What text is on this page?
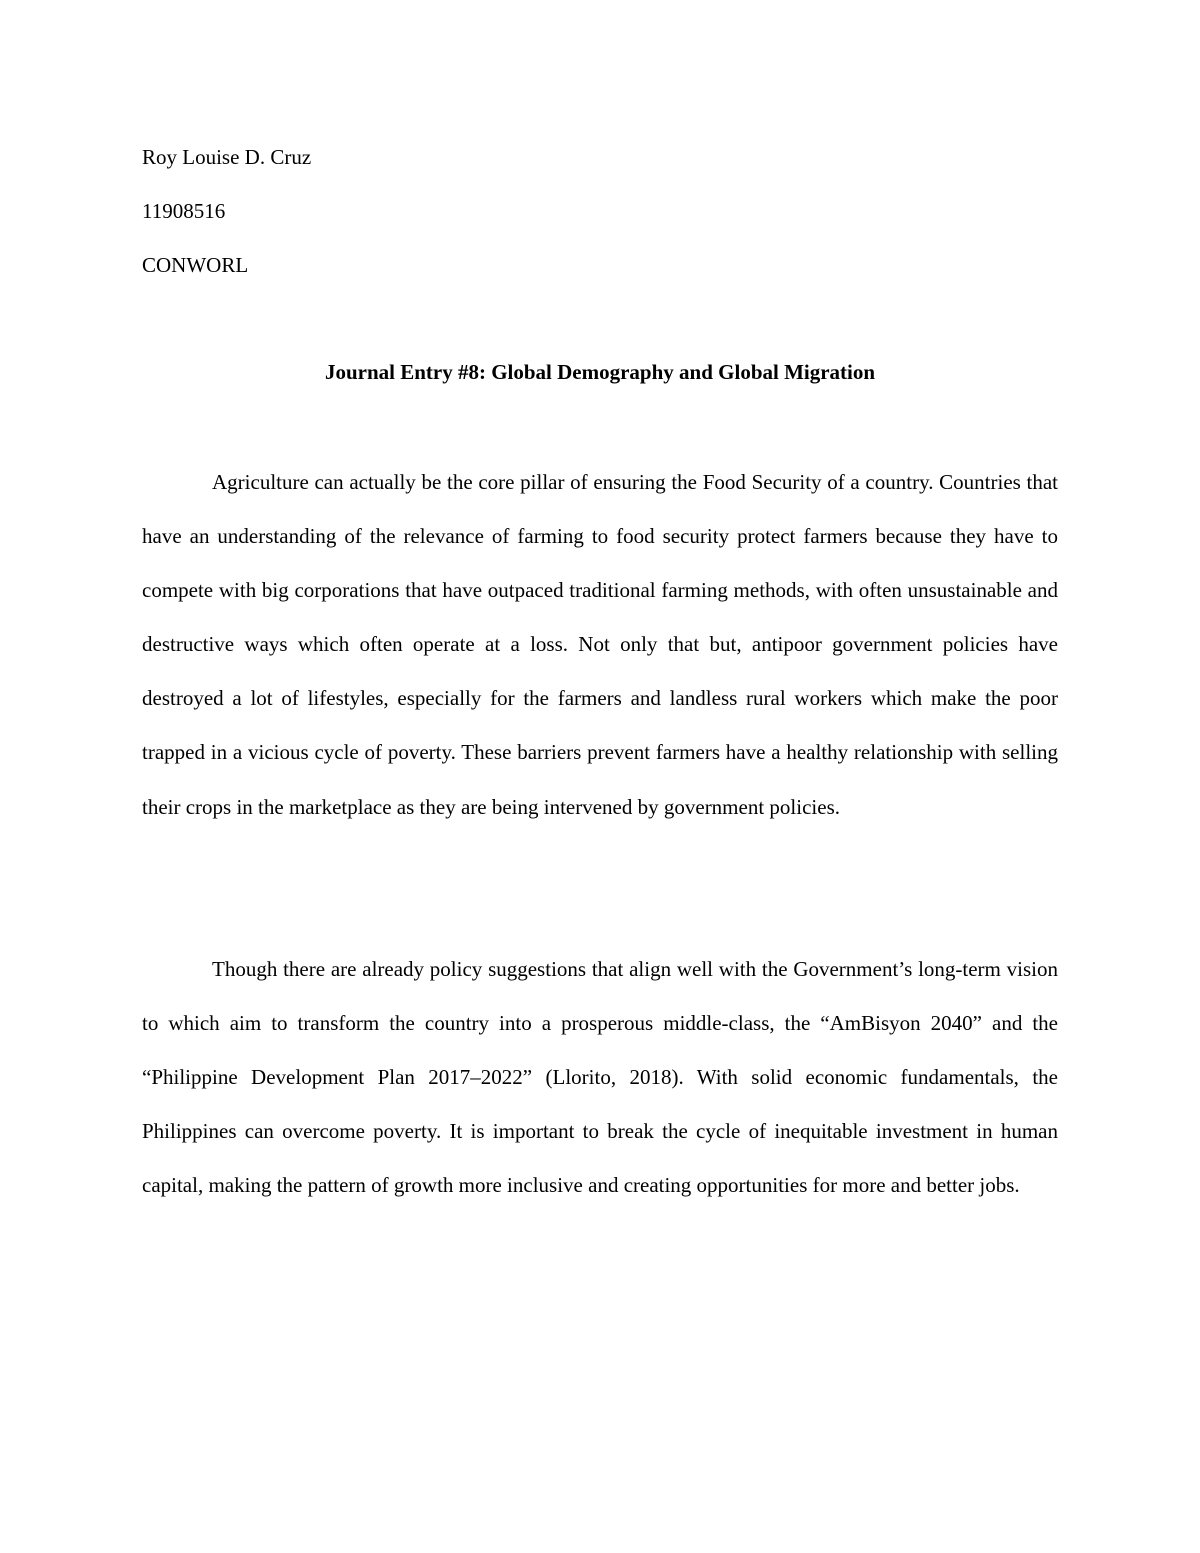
Roy Louise D. Cruz
11908516
CONWORL
Journal Entry #8: Global Demography and Global Migration

Agriculture can actually be the core pillar of ensuring the Food Security of a country. Countries that have an understanding of the relevance of farming to food security protect farmers because they have to compete with big corporations that have outpaced traditional farming methods, with often unsustainable and destructive ways which often operate at a loss. Not only that but, antipoor government policies have destroyed a lot of lifestyles, especially for the farmers and landless rural workers which make the poor trapped in a vicious cycle of poverty. These barriers prevent farmers have a healthy relationship with selling their crops in the marketplace as they are being intervened by government policies.

Though there are already policy suggestions that align well with the Government’s long-term vision to which aim to transform the country into a prosperous middle-class, the “AmBisyon 2040” and the “Philippine Development Plan 2017–2022” (Llorito, 2018). With solid economic fundamentals, the Philippines can overcome poverty. It is important to break the cycle of inequitable investment in human capital, making the pattern of growth more inclusive and creating opportunities for more and better jobs.
